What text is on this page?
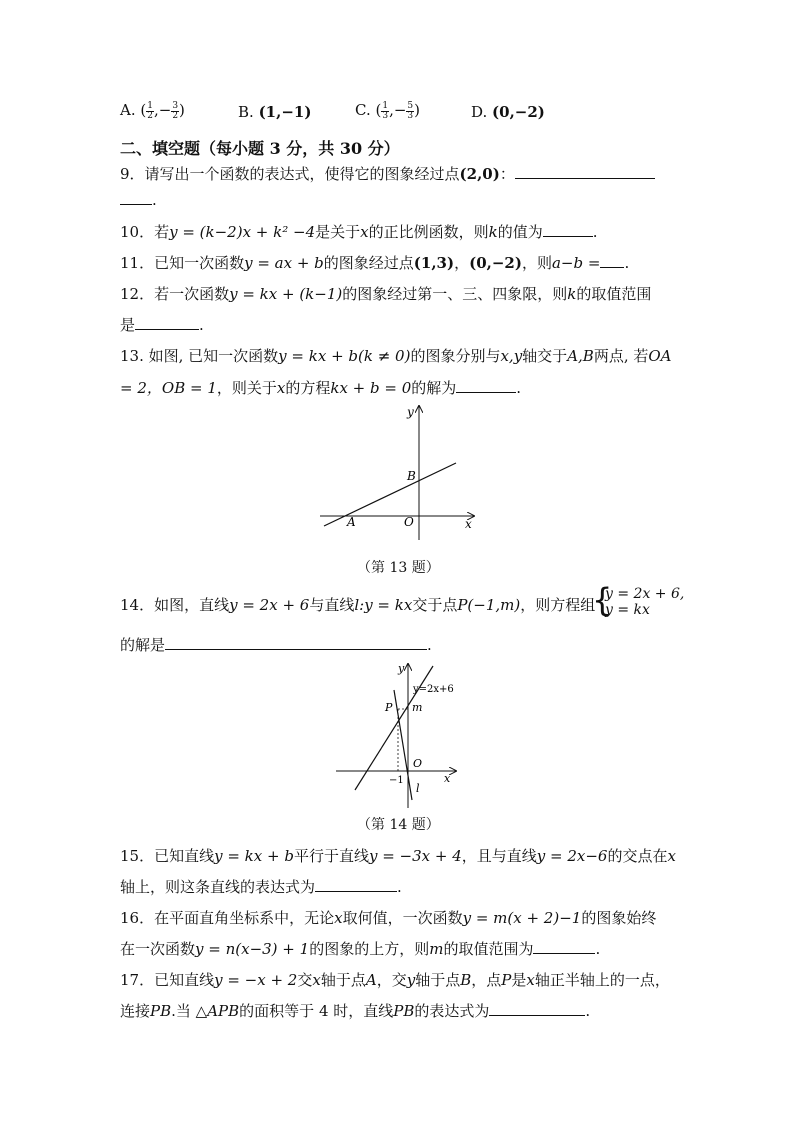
A. ( $\frac{1}{2}$ ,− $\frac{3}{2}$ )	B. (1,−1)	C. ( $\frac{1}{3}$ ,− $\frac{5}{3}$ )	D. (0,−2)
二、填空题（每小题 3 分，共 30 分）
9．请写出一个函数的表达式，使得它的图象经过点(2,0)：
.
10．若y = (k−2)x + k² −4是关于x的正比例函数，则k的值为	.
11．已知一次函数y = ax + b的图象经过点(1,3)，(0,−2)，则a−b = .
12．若一次函数y = kx + (k−1)的图象经过第一、三、四象限，则k的取值范围
是	.
13. 如图, 已知一次函数y = kx + b(k ≠ 0)的图象分别与x,y轴交于A,B两点, 若OA
= 2，OB = 1，则关于x的方程kx + b = 0的解为	.
y
x
B
A	O
（第 13 题）
14．如图，直线y = 2x + 6与直线l:y = kx交于点P(−1,m)，则方程组
{
y = 2x + 6,
y = kx
的解是	.
y
x
y=2x+6
P m
O
−1
l
（第 14 题）
15．已知直线y = kx + b平行于直线y = −3x + 4，且与直线y = 2x−6的交点在x
轴上，则这条直线的表达式为	.
16．在平面直角坐标系中，无论x取何值，一次函数y = m(x + 2)−1的图象始终
在一次函数y = n(x−3) + 1的图象的上方，则m的取值范围为	.
17．已知直线y = −x + 2交x轴于点A，交y轴于点B，点P是x轴正半轴上的一点，
连接PB.当 △APB的面积等于 4 时，直线PB的表达式为	.
